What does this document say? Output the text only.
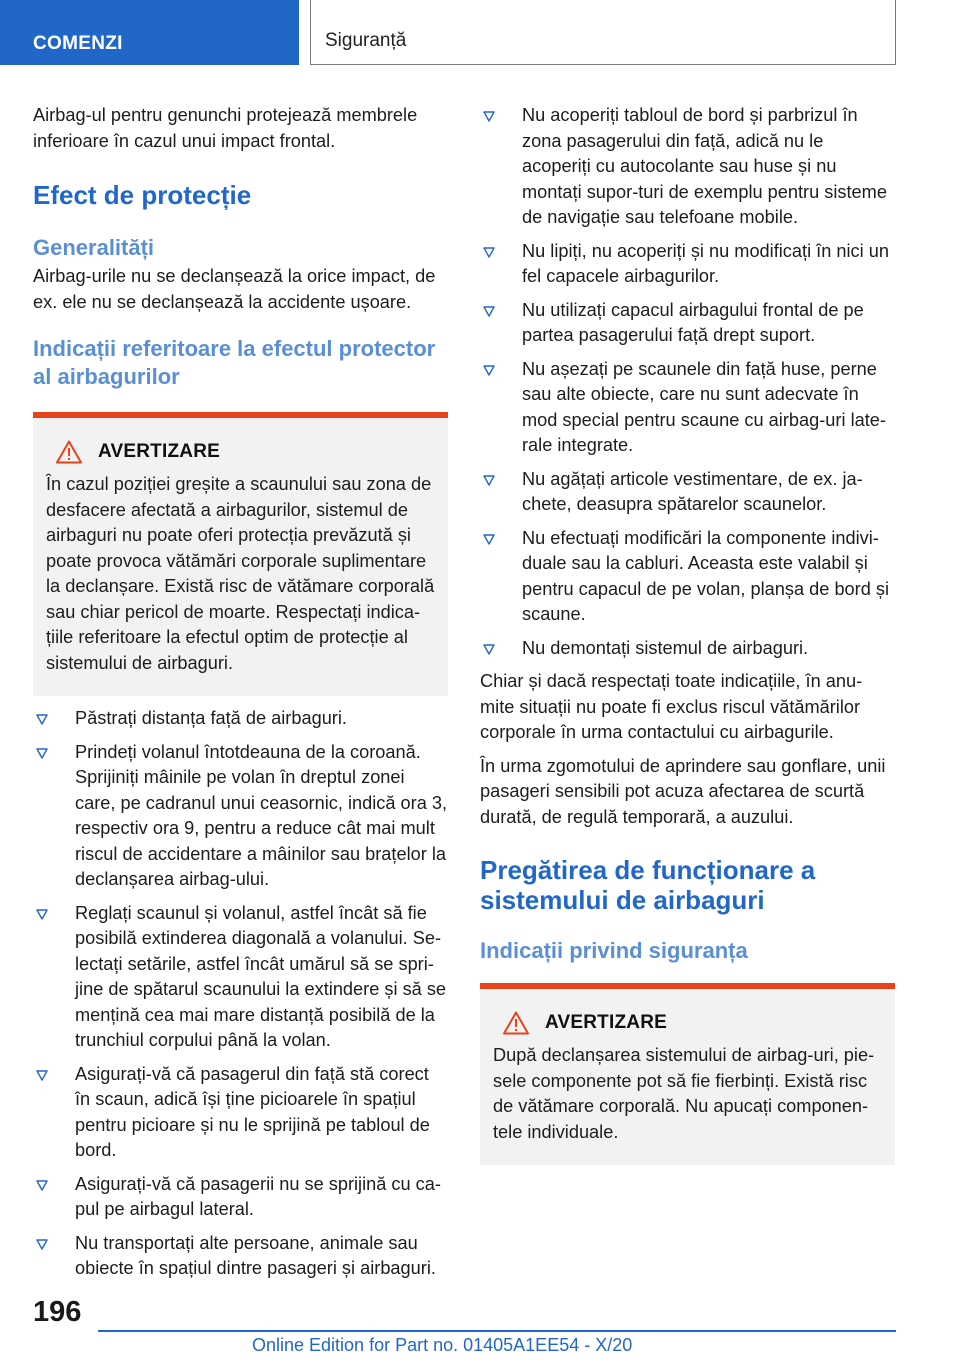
COMENZI	Siguranță

Airbag-ul pentru genunchi protejează membrele inferioare în cazul unui impact frontal.

Efect de protecție
Generalități

Airbag-urile nu se declanșează la orice impact, de ex. ele nu se declanșează la accidente ușoare.

Indicații referitoare la efectul protector al airbagurilor
AVERTIZARE

În cazul poziției greșite a scaunului sau zona de desfacere afectată a airbagurilor, sistemul de airbaguri nu poate oferi protecția prevăzută și poate provoca vătămări corporale suplimentare la declanșare. Există risc de vătămare corporală sau chiar pericol de moarte. Respectați indica-țiile referitoare la efectul optim de protecție al sistemului de airbaguri.

Păstrați distanța față de airbaguri.
Prindeți volanul întotdeauna de la coroană. Sprijiniți mâinile pe volan în dreptul zonei care, pe cadranul unui ceasornic, indică ora 3, respectiv ora 9, pentru a reduce cât mai mult riscul de accidentare a mâinilor sau brațelor la declanșarea airbag-ului.
Reglați scaunul și volanul, astfel încât să fie posibilă extinderea diagonală a volanului. Se-lectați setările, astfel încât umărul să se spri-jine de spătarul scaunului la extindere și să se mențină cea mai mare distanță posibilă de la trunchiul corpului până la volan.
Asigurați-vă că pasagerul din față stă corect în scaun, adică își ține picioarele în spațiul pentru picioare și nu le sprijină pe tabloul de bord.
Asigurați-vă că pasagerii nu se sprijină cu ca-pul pe airbagul lateral.
Nu transportați alte persoane, animale sau obiecte în spațiul dintre pasageri și airbaguri.
Nu acoperiți tabloul de bord și parbrizul în zona pasagerului din față, adică nu le acoperiți cu autocolante sau huse și nu montați supor-turi de exemplu pentru sisteme de navigație sau telefoane mobile.
Nu lipiți, nu acoperiți și nu modificați în nici un fel capacele airbagurilor.
Nu utilizați capacul airbagului frontal de pe partea pasagerului față drept suport.
Nu așezați pe scaunele din față huse, perne sau alte obiecte, care nu sunt adecvate în mod special pentru scaune cu airbag-uri late-rale integrate.
Nu agățați articole vestimentare, de ex. ja-chete, deasupra spătarelor scaunelor.
Nu efectuați modificări la componente indivi-duale sau la cabluri. Aceasta este valabil și pentru capacul de pe volan, planșa de bord și scaune.
Nu demontați sistemul de airbaguri.

Chiar și dacă respectați toate indicațiile, în anu-mite situații nu poate fi exclus riscul vătămărilor corporale în urma contactului cu airbagurile.

În urma zgomotului de aprindere sau gonflare, unii pasageri sensibili pot acuza afectarea de scurtă durată, de regulă temporară, a auzului.

Pregătirea de funcționare a sistemului de airbaguri
Indicații privind siguranța
AVERTIZARE

După declanșarea sistemului de airbag-uri, pie-sele componente pot să fie fierbinți. Există risc de vătămare corporală. Nu apucați componen-tele individuale.

196
Online Edition for Part no. 01405A1EE54 - X/20
